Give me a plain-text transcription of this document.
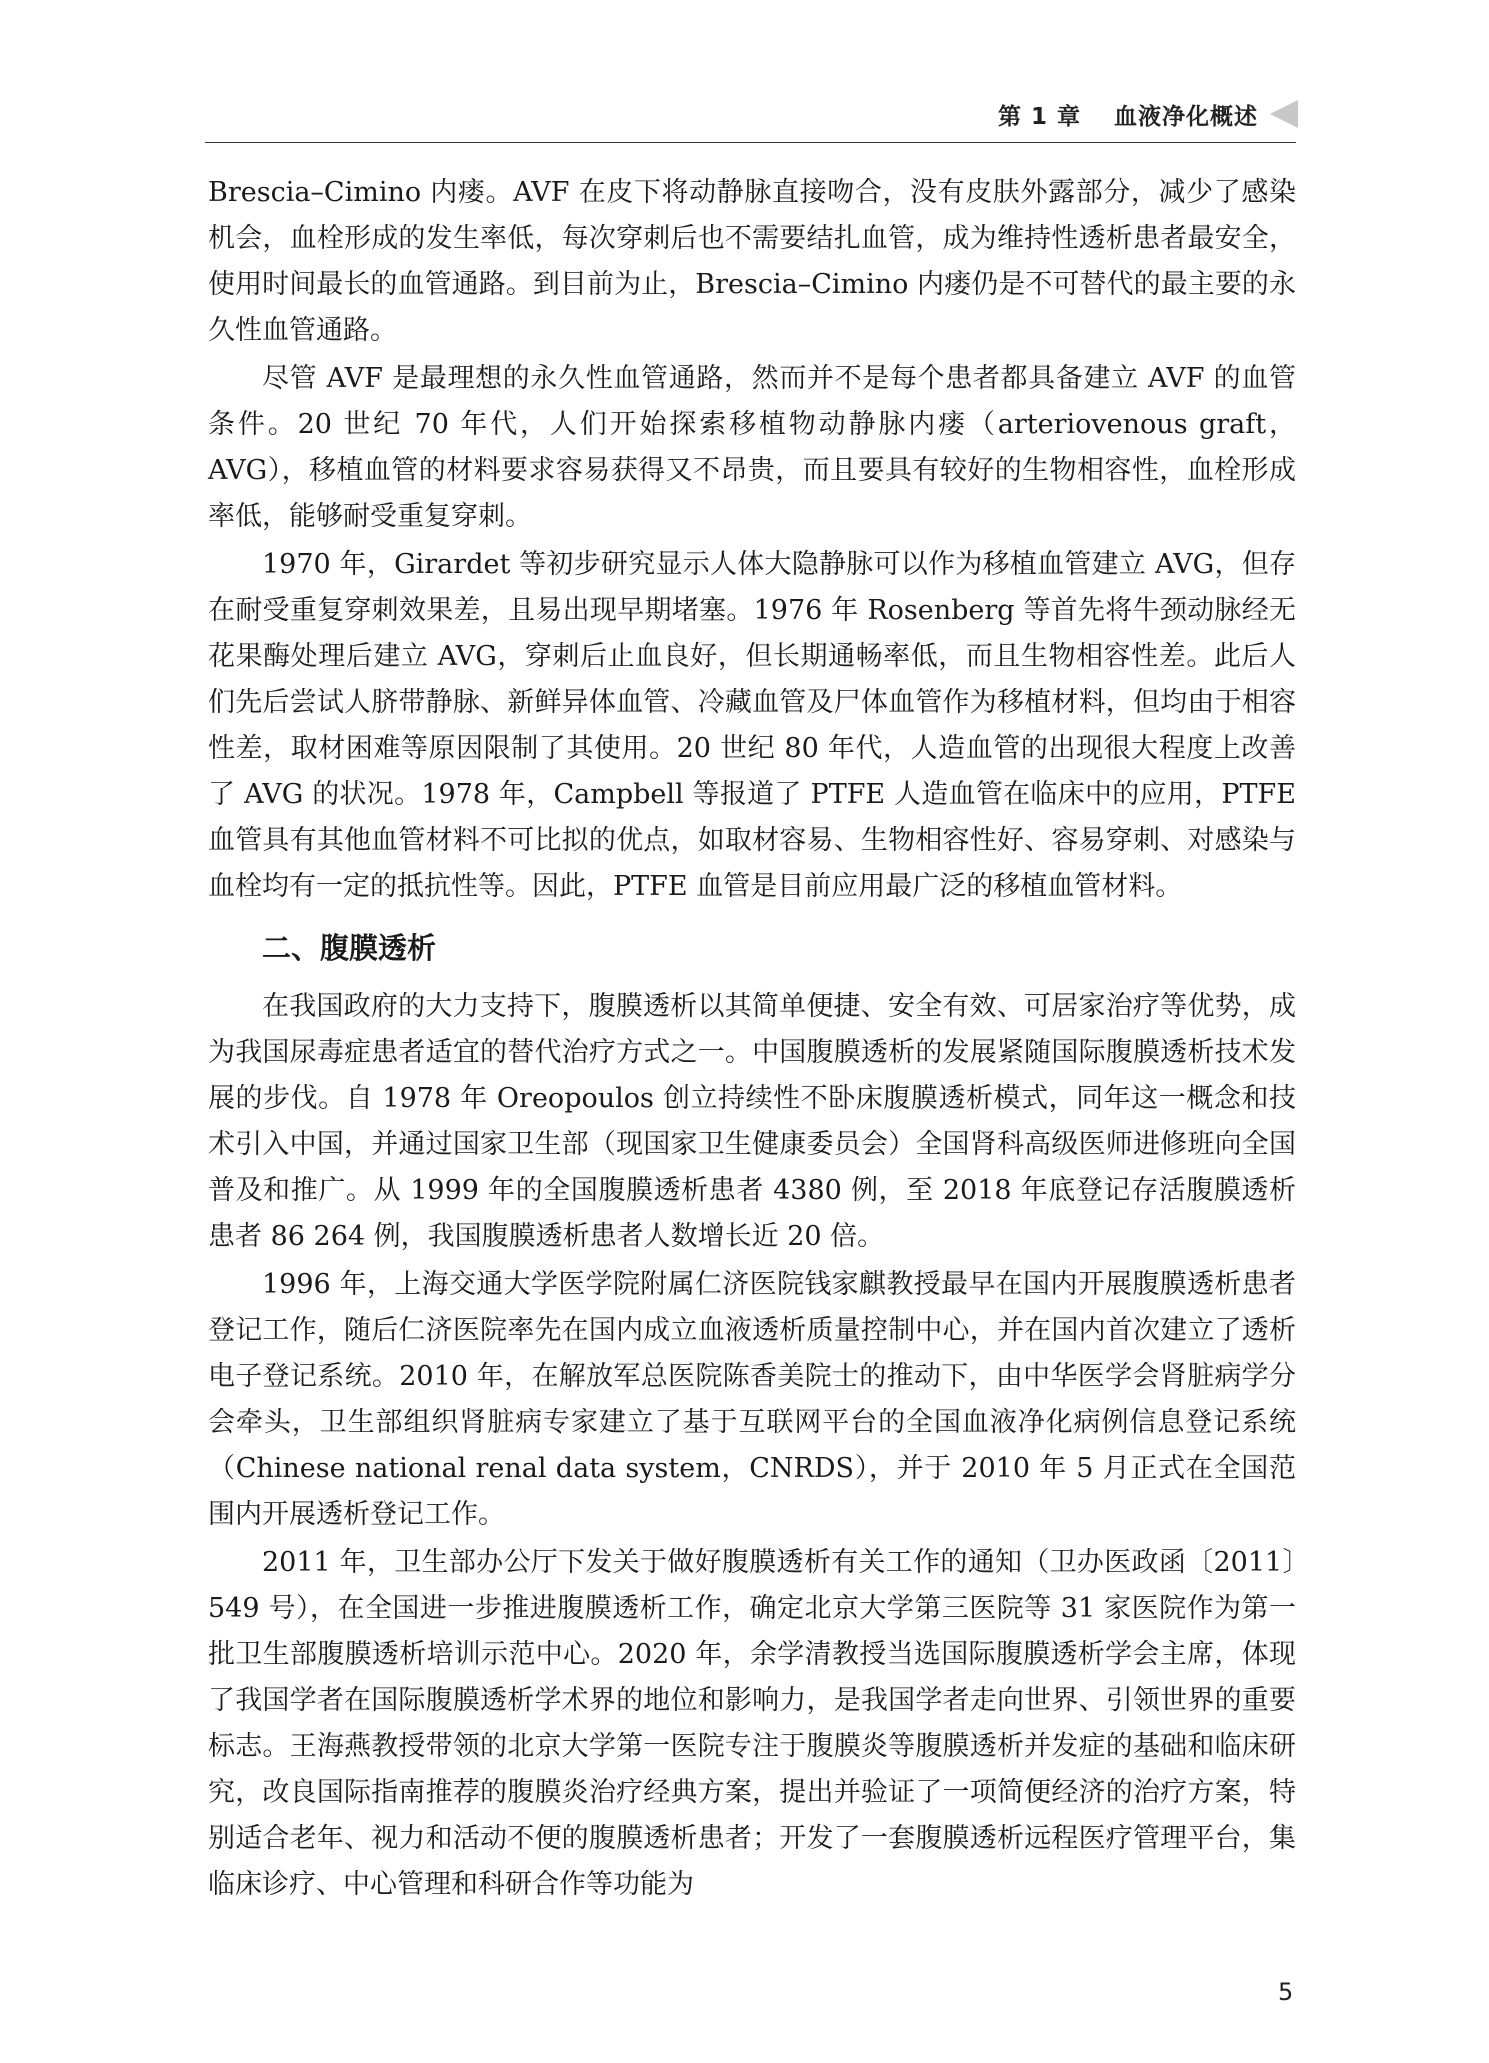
第 1 章　 血液净化概述

Brescia–Cimino 内瘘。AVF 在皮下将动静脉直接吻合，没有皮肤外露部分，减少了感染机会，血栓形成的发生率低，每次穿刺后也不需要结扎血管，成为维持性透析患者最安全，使用时间最长的血管通路。到目前为止，Brescia–Cimino 内瘘仍是不可替代的最主要的永久性血管通路。

尽管 AVF 是最理想的永久性血管通路，然而并不是每个患者都具备建立 AVF 的血管条件。20 世纪 70 年代，人们开始探索移植物动静脉内瘘（arteriovenous graft，AVG），移植血管的材料要求容易获得又不昂贵，而且要具有较好的生物相容性，血栓形成率低，能够耐受重复穿刺。

1970 年，Girardet 等初步研究显示人体大隐静脉可以作为移植血管建立 AVG，但存在耐受重复穿刺效果差，且易出现早期堵塞。1976 年 Rosenberg 等首先将牛颈动脉经无花果酶处理后建立 AVG，穿刺后止血良好，但长期通畅率低，而且生物相容性差。此后人们先后尝试人脐带静脉、新鲜异体血管、冷藏血管及尸体血管作为移植材料，但均由于相容性差，取材困难等原因限制了其使用。20 世纪 80 年代，人造血管的出现很大程度上改善了 AVG 的状况。1978 年，Campbell 等报道了 PTFE 人造血管在临床中的应用，PTFE 血管具有其他血管材料不可比拟的优点，如取材容易、生物相容性好、容易穿刺、对感染与血栓均有一定的抵抗性等。因此，PTFE 血管是目前应用最广泛的移植血管材料。

二、腹膜透析

在我国政府的大力支持下，腹膜透析以其简单便捷、安全有效、可居家治疗等优势，成为我国尿毒症患者适宜的替代治疗方式之一。中国腹膜透析的发展紧随国际腹膜透析技术发展的步伐。自 1978 年 Oreopoulos 创立持续性不卧床腹膜透析模式，同年这一概念和技术引入中国，并通过国家卫生部（现国家卫生健康委员会）全国肾科高级医师进修班向全国普及和推广。从 1999 年的全国腹膜透析患者 4380 例，至 2018 年底登记存活腹膜透析患者 86 264 例，我国腹膜透析患者人数增长近 20 倍。

1996 年，上海交通大学医学院附属仁济医院钱家麒教授最早在国内开展腹膜透析患者登记工作，随后仁济医院率先在国内成立血液透析质量控制中心，并在国内首次建立了透析电子登记系统。2010 年，在解放军总医院陈香美院士的推动下，由中华医学会肾脏病学分会牵头，卫生部组织肾脏病专家建立了基于互联网平台的全国血液净化病例信息登记系统（Chinese national renal data system，CNRDS），并于 2010 年 5 月正式在全国范围内开展透析登记工作。

2011 年，卫生部办公厅下发关于做好腹膜透析有关工作的通知（卫办医政函〔2011〕549 号），在全国进一步推进腹膜透析工作，确定北京大学第三医院等 31 家医院作为第一批卫生部腹膜透析培训示范中心。2020 年，余学清教授当选国际腹膜透析学会主席，体现了我国学者在国际腹膜透析学术界的地位和影响力，是我国学者走向世界、引领世界的重要标志。王海燕教授带领的北京大学第一医院专注于腹膜炎等腹膜透析并发症的基础和临床研究，改良国际指南推荐的腹膜炎治疗经典方案，提出并验证了一项简便经济的治疗方案，特别适合老年、视力和活动不便的腹膜透析患者；开发了一套腹膜透析远程医疗管理平台，集临床诊疗、中心管理和科研合作等功能为

5
